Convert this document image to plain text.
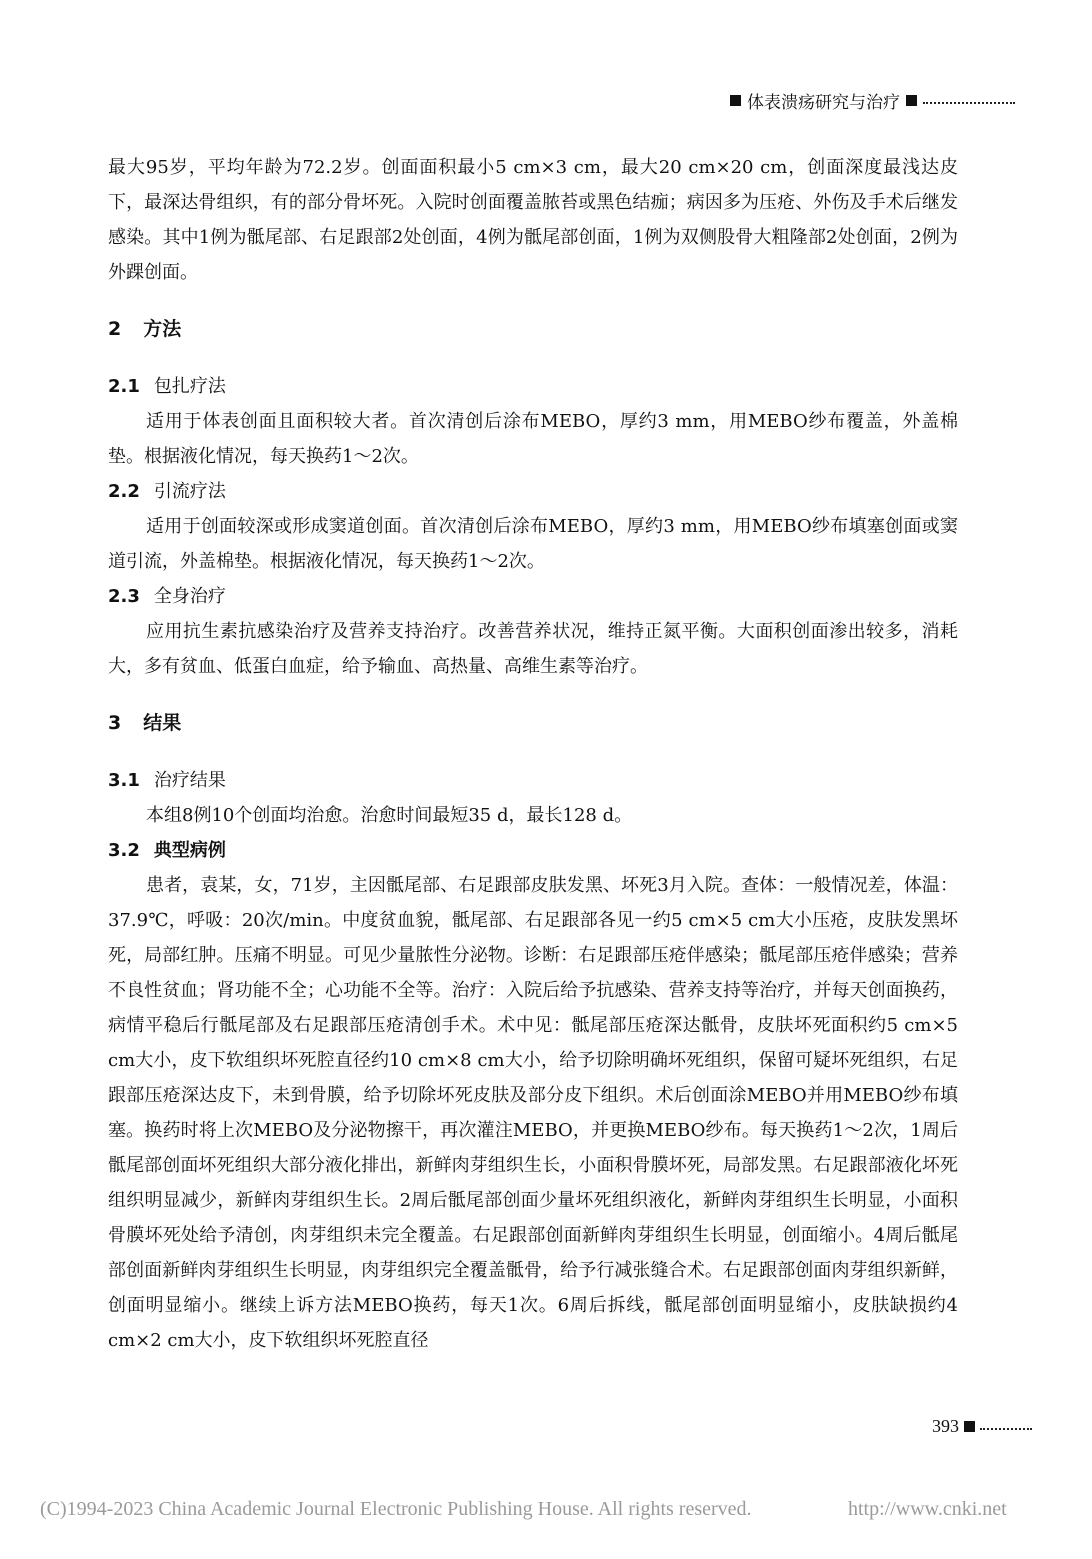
体表溃疡研究与治疗

最大95岁，平均年龄为72.2岁。创面面积最小5 cm×3 cm，最大20 cm×20 cm，创面深度最浅达皮下，最深达骨组织，有的部分骨坏死。入院时创面覆盖脓苔或黑色结痂；病因多为压疮、外伤及手术后继发感染。其中1例为骶尾部、右足跟部2处创面，4例为骶尾部创面，1例为双侧股骨大粗隆部2处创面，2例为外踝创面。

2 方法
2.1 包扎疗法

适用于体表创面且面积较大者。首次清创后涂布MEBO，厚约3 mm，用MEBO纱布覆盖，外盖棉垫。根据液化情况，每天换药1～2次。

2.2 引流疗法

适用于创面较深或形成窦道创面。首次清创后涂布MEBO，厚约3 mm，用MEBO纱布填塞创面或窦道引流，外盖棉垫。根据液化情况，每天换药1～2次。

2.3 全身治疗

应用抗生素抗感染治疗及营养支持治疗。改善营养状况，维持正氮平衡。大面积创面渗出较多，消耗大，多有贫血、低蛋白血症，给予输血、高热量、高维生素等治疗。

3 结果
3.1 治疗结果

本组8例10个创面均治愈。治愈时间最短35 d，最长128 d。

3.2 典型病例

患者，袁某，女，71岁，主因骶尾部、右足跟部皮肤发黑、坏死3月入院。查体：一般情况差，体温：37.9℃，呼吸：20次/min。中度贫血貌，骶尾部、右足跟部各见一约5 cm×5 cm大小压疮，皮肤发黑坏死，局部红肿。压痛不明显。可见少量脓性分泌物。诊断：右足跟部压疮伴感染；骶尾部压疮伴感染；营养不良性贫血；肾功能不全；心功能不全等。治疗：入院后给予抗感染、营养支持等治疗，并每天创面换药，病情平稳后行骶尾部及右足跟部压疮清创手术。术中见：骶尾部压疮深达骶骨，皮肤坏死面积约5 cm×5 cm大小，皮下软组织坏死腔直径约10 cm×8 cm大小，给予切除明确坏死组织，保留可疑坏死组织，右足跟部压疮深达皮下，未到骨膜，给予切除坏死皮肤及部分皮下组织。术后创面涂MEBO并用MEBO纱布填塞。换药时将上次MEBO及分泌物擦干，再次灌注MEBO，并更换MEBO纱布。每天换药1～2次，1周后骶尾部创面坏死组织大部分液化排出，新鲜肉芽组织生长，小面积骨膜坏死，局部发黑。右足跟部液化坏死组织明显减少，新鲜肉芽组织生长。2周后骶尾部创面少量坏死组织液化，新鲜肉芽组织生长明显，小面积骨膜坏死处给予清创，肉芽组织未完全覆盖。右足跟部创面新鲜肉芽组织生长明显，创面缩小。4周后骶尾部创面新鲜肉芽组织生长明显，肉芽组织完全覆盖骶骨，给予行减张缝合术。右足跟部创面肉芽组织新鲜，创面明显缩小。继续上诉方法MEBO换药，每天1次。6周后拆线，骶尾部创面明显缩小，皮肤缺损约4 cm×2 cm大小，皮下软组织坏死腔直径

393
(C)1994-2023 China Academic Journal Electronic Publishing House. All rights reserved.	http://www.cnki.net
